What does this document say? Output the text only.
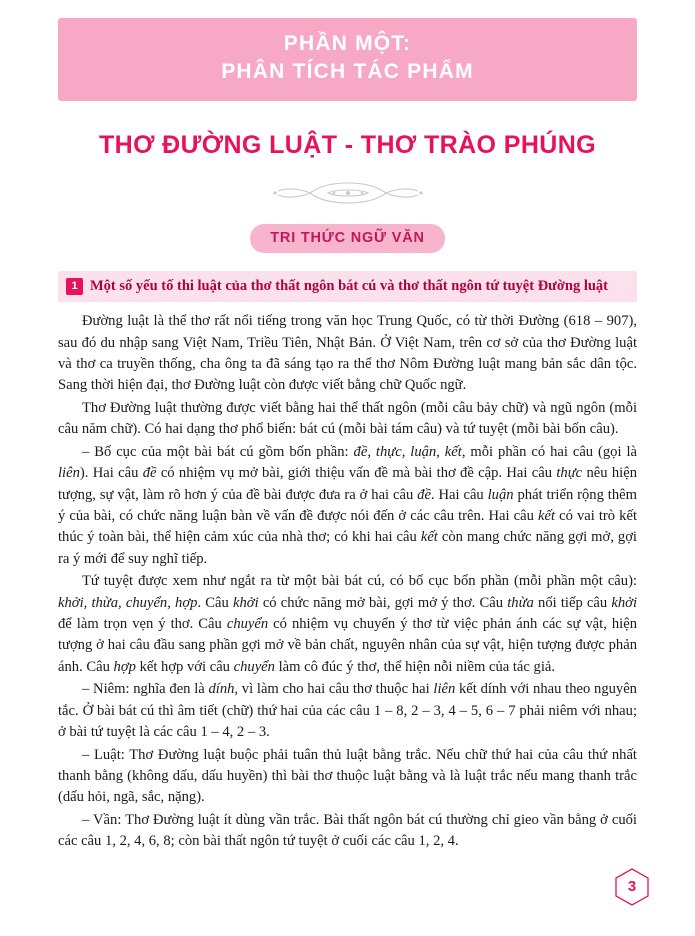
PHẦN MỘT:
PHÂN TÍCH TÁC PHẨM
THƠ ĐƯỜNG LUẬT - THƠ TRÀO PHÚNG
TRI THỨC NGỮ VĂN
1 Một số yếu tố thi luật của thơ thất ngôn bát cú và thơ thất ngôn tứ tuyệt Đường luật

Đường luật là thể thơ rất nổi tiếng trong văn học Trung Quốc, có từ thời Đường (618 – 907), sau đó du nhập sang Việt Nam, Triều Tiên, Nhật Bản. Ở Việt Nam, trên cơ sở của thơ Đường luật và thơ ca truyền thống, cha ông ta đã sáng tạo ra thể thơ Nôm Đường luật mang bản sắc dân tộc. Sang thời hiện đại, thơ Đường luật còn được viết bằng chữ Quốc ngữ.

Thơ Đường luật thường được viết bằng hai thể thất ngôn (mỗi câu bảy chữ) và ngũ ngôn (mỗi câu năm chữ). Có hai dạng thơ phổ biến: bát cú (mỗi bài tám câu) và tứ tuyệt (mỗi bài bốn câu).

– Bố cục của một bài bát cú gồm bốn phần: đề, thực, luận, kết, mỗi phần có hai câu (gọi là liên). Hai câu đề có nhiệm vụ mở bài, giới thiệu vấn đề mà bài thơ đề cập. Hai câu thực nêu hiện tượng, sự vật, làm rõ hơn ý của đề bài được đưa ra ở hai câu đề. Hai câu luận phát triển rộng thêm ý của bài, có chức năng luận bàn về vấn đề được nói đến ở các câu trên. Hai câu kết có vai trò kết thúc ý toàn bài, thể hiện cảm xúc của nhà thơ; có khi hai câu kết còn mang chức năng gợi mở, gợi ra ý mới để suy nghĩ tiếp.

Tứ tuyệt được xem như ngắt ra từ một bài bát cú, có bố cục bốn phần (mỗi phần một câu): khởi, thừa, chuyển, hợp. Câu khởi có chức năng mở bài, gợi mở ý thơ. Câu thừa nối tiếp câu khởi để làm trọn vẹn ý thơ. Câu chuyển có nhiệm vụ chuyển ý thơ từ việc phản ánh các sự vật, hiện tượng ở hai câu đầu sang phần gợi mở về bản chất, nguyên nhân của sự vật, hiện tượng được phản ánh. Câu hợp kết hợp với câu chuyển làm cô đúc ý thơ, thể hiện nỗi niềm của tác giả.

– Niêm: nghĩa đen là dính, vì làm cho hai câu thơ thuộc hai liên kết dính với nhau theo nguyên tắc. Ở bài bát cú thì âm tiết (chữ) thứ hai của các câu 1 – 8, 2 – 3, 4 – 5, 6 – 7 phải niêm với nhau; ở bài tứ tuyệt là các câu 1 – 4, 2 – 3.

– Luật: Thơ Đường luật buộc phải tuân thủ luật bằng trắc. Nếu chữ thứ hai của câu thứ nhất thanh bằng (không dấu, dấu huyền) thì bài thơ thuộc luật bằng và là luật trắc nếu mang thanh trắc (dấu hỏi, ngã, sắc, nặng).

– Vần: Thơ Đường luật ít dùng vần trắc. Bài thất ngôn bát cú thường chỉ gieo vần bằng ở cuối các câu 1, 2, 4, 6, 8; còn bài thất ngôn tứ tuyệt ở cuối các câu 1, 2, 4.

3
